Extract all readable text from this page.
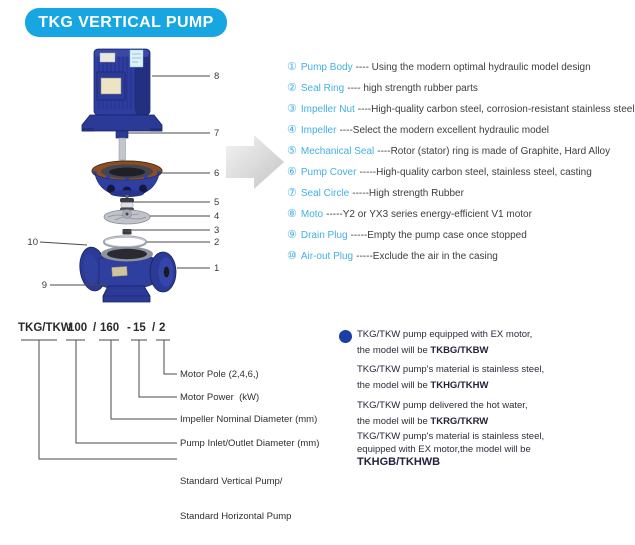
TKG VERTICAL PUMP
8
7
6
5
4
3
2
1
10
9
① Pump Body ---- Using the modern optimal hydraulic model design
② Seal Ring ---- high strength rubber parts
③ Impeller Nut ----High-quality carbon steel, corrosion-resistant stainless steel
④ Impeller ----Select the modern excellent hydraulic model
⑤ Mechanical Seal ----Rotor (stator) ring is made of Graphite, Hard Alloy
⑥ Pump Cover -----High-quality carbon steel, stainless steel, casting
⑦ Seal Circle -----High strength Rubber
⑧ Moto -----Y2 or YX3 series energy-efficient V1 motor
⑨ Drain Plug -----Empty the pump case once stopped
⑩ Air-out Plug -----Exclude the air in the casing
TKG/TKW
100 / 160 - 15 / 2
Motor Pole (2,4,6,)
Motor Power  (kW)
Impeller Nominal Diameter (mm)
Pump Inlet/Outlet Diameter (mm)

Standard Vertical Pump/

Standard Horizontal Pump

TKG/TKW pump equipped with EX motor,
the model will be TKBG/TKBW
TKG/TKW pump's material is stainless steel,
the model will be TKHG/TKHW
TKG/TKW pump delivered the hot water,
the model will be TKRG/TKRW
TKG/TKW pump's material is stainless steel,
equipped with EX motor,the model will be TKHGB/TKHWB
